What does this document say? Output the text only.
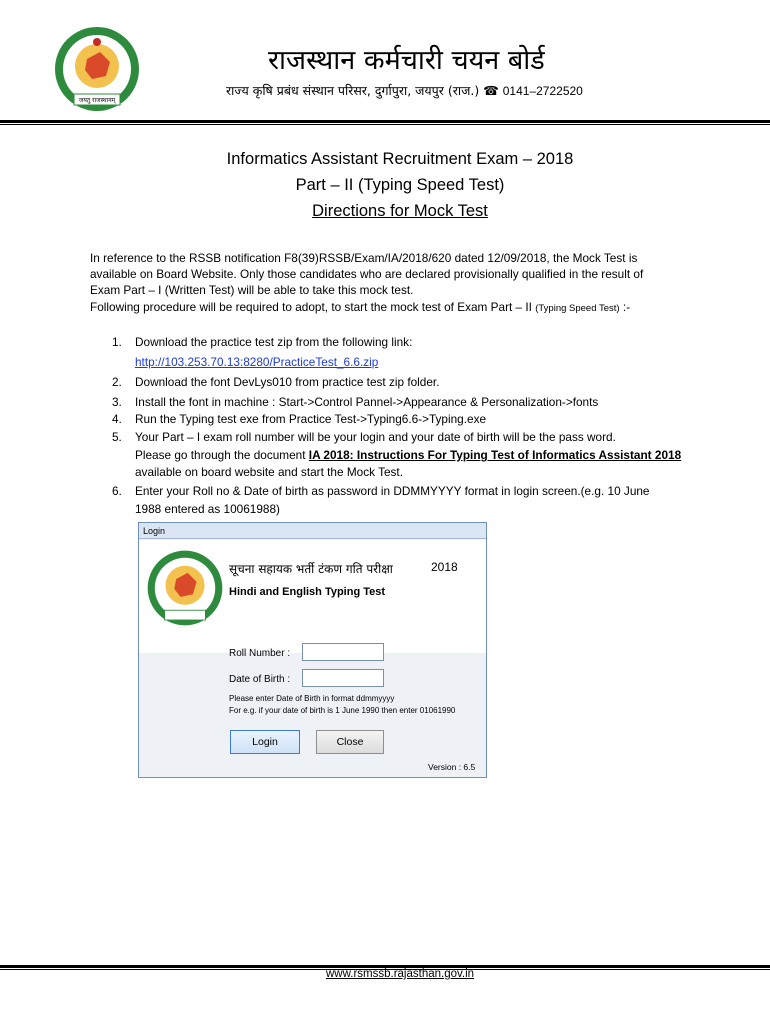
जयतु राजस्थानम्
राजस्थान कर्मचारी चयन बोर्ड
राज्य कृषि प्रबंध संस्थान परिसर, दुर्गापुरा, जयपुर (राज.) ☎ 0141–2722520
Informatics Assistant Recruitment Exam – 2018
Part – II (Typing Speed Test)
Directions for Mock Test
In reference to the RSSB notification F8(39)RSSB/Exam/IA/2018/620 dated 12/09/2018, the Mock Test is
available on Board Website. Only those candidates who are declared provisionally qualified in the result of
Exam Part – I (Written Test) will be able to take this mock test.
Following procedure will be required to adopt, to start the mock test of Exam Part – II (Typing Speed Test) :-
1. Download the practice test zip from the following link:
http://103.253.70.13:8280/PracticeTest_6.6.zip
2. Download the font DevLys010 from practice test zip folder.
3. Install the font in machine : Start->Control Pannel->Appearance & Personalization->fonts
4. Run the Typing test exe from Practice Test->Typing6.6->Typing.exe
5. Your Part – I exam roll number will be your login and your date of birth will be the pass word.
Please go through the document IA 2018: Instructions For Typing Test of Informatics Assistant 2018
available on board website and start the Mock Test.
6. Enter your Roll no & Date of birth as password in DDMMYYYY format in login screen.(e.g. 10 June
1988 entered as 10061988)
Login
सूचना सहायक भर्ती टंकण गति परीक्षा	2018
Hindi and English Typing Test
Roll Number :
Date of Birth :
Please enter Date of Birth in format ddmmyyyy
For e.g. if your date of birth is 1 June 1990 then enter 01061990
Login	Close
Version : 6.5
www.rsmssb.rajasthan.gov.in
